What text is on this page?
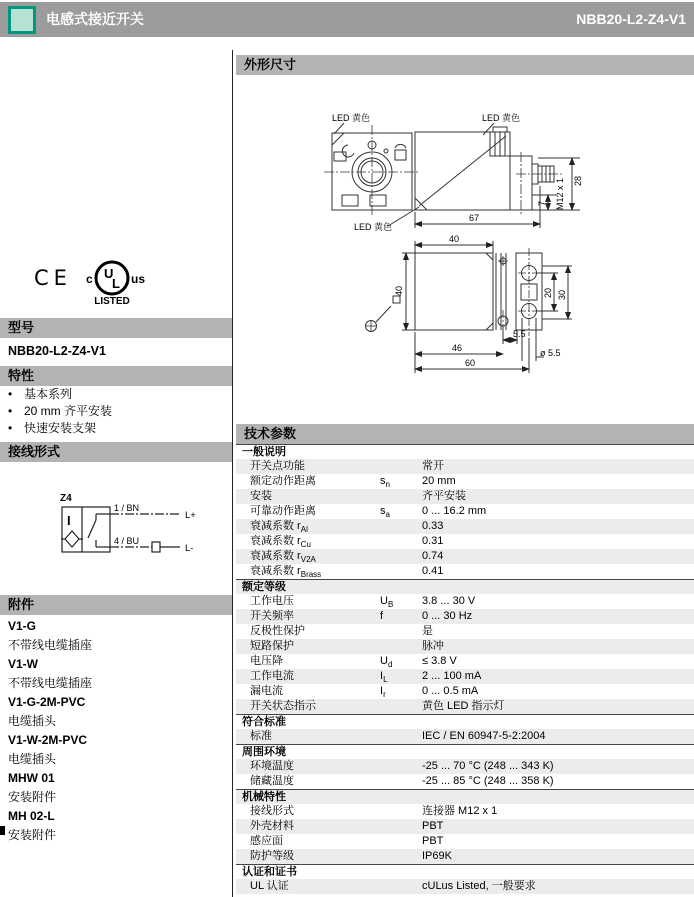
电感式接近开关	NBB20-L2-Z4-V1
CE U
L
c	us
LISTED
型号
NBB20-L2-Z4-V1
特性
• 基本系列
• 20 mm 齐平安装
• 快速安装支架
接线形式
Z4
I
1 / BN
4 / BU
L+
L-
附件
V1-G
不带线电缆插座
V1-W
不带线电缆插座
V1-G-2M-PVC
电缆插头
V1-W-2M-PVC
电缆插头
MHW 01
安装附件
MH 02-L
安装附件
外形尺寸
LED 黄色	LED 黄色
LED 黄色
67
28
7 M12 x 1
40
40	20 30
5.5
46
60
ø 5.5
技术参数
一般说明
开关点功能	常开
额定动作距离	$s_n$	20 mm
安装	齐平安装
可靠动作距离	$s_a$	0 ... 16.2 mm
衰减系数 $r_{Al}$	0.33
衰减系数 $r_{Cu}$	0.31
衰减系数 $r_{V2A}$	0.74
衰减系数 $r_{Brass}$	0.41
额定等级
工作电压	$U_B$	3.8 ... 30 V
开关频率	f	0 ... 30 Hz
反极性保护	是
短路保护	脉冲
电压降	$U_d$	≤ 3.8 V
工作电流	$I_L$	2 ... 100 mA
漏电流	$I_r$	0 ... 0.5 mA
开关状态指示	黄色 LED 指示灯
符合标准
标准	IEC / EN 60947-5-2:2004
周围环境
环境温度	-25 ... 70 °C (248 ... 343 K)
储藏温度	-25 ... 85 °C (248 ... 358 K)
机械特性
接线形式	连接器 M12 x 1
外壳材料	PBT
感应面	PBT
防护等级	IP69K
认证和证书
UL 认证	cULus Listed, 一般要求
